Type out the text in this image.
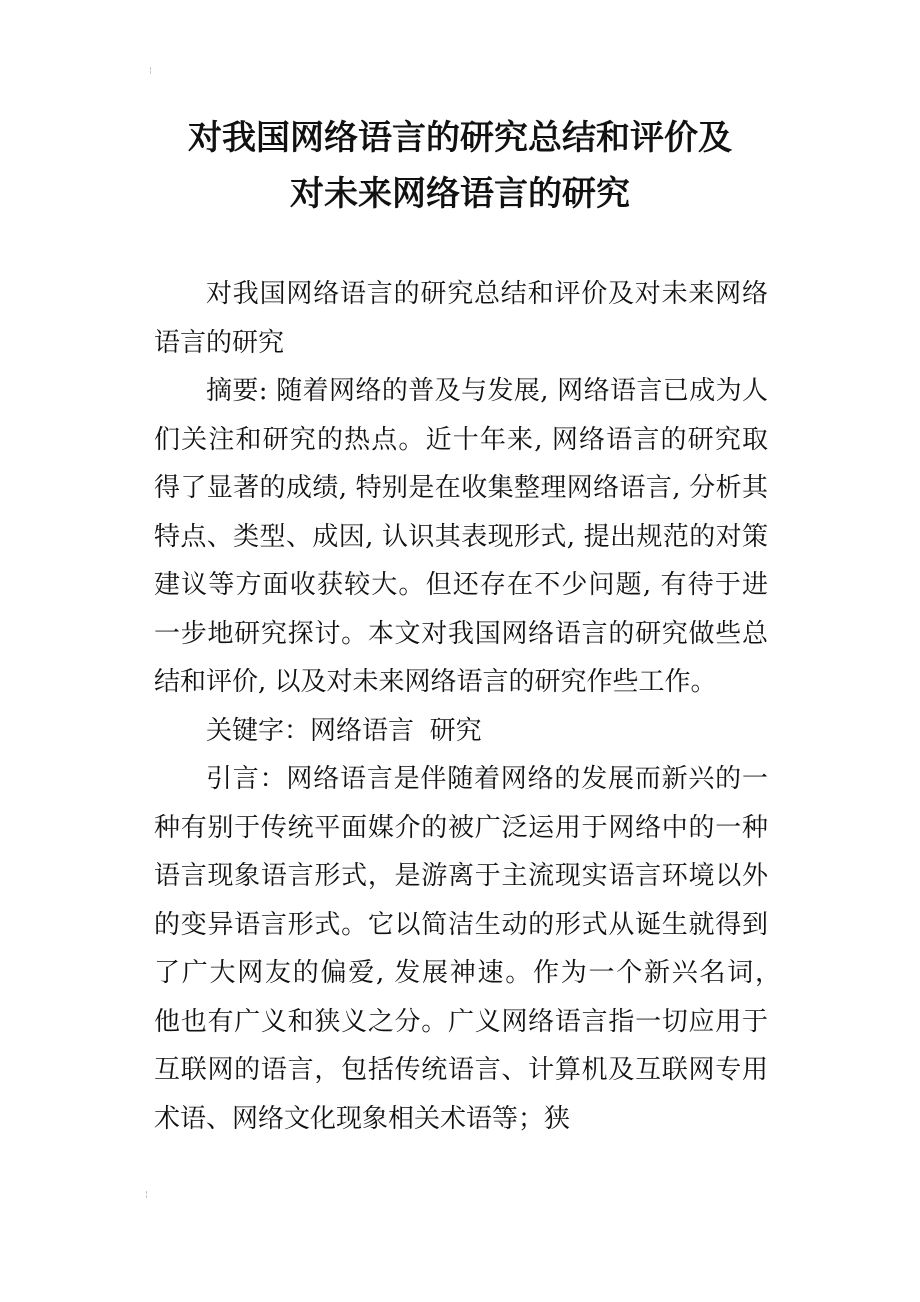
对我国网络语言的研究总结和评价及
对未来网络语言的研究

对我国网络语言的研究总结和评价及对未来网络语言的研究

摘要: 随着网络的普及与发展, 网络语言已成为人们关注和研究的热点。近十年来, 网络语言的研究取得了显著的成绩, 特别是在收集整理网络语言, 分析其特点、类型、成因, 认识其表现形式, 提出规范的对策建议等方面收获较大。但还存在不少问题, 有待于进一步地研究探讨。本文对我国网络语言的研究做些总结和评价, 以及对未来网络语言的研究作些工作。

关键字：网络语言 研究

引言：网络语言是伴随着网络的发展而新兴的一种有别于传统平面媒介的被广泛运用于网络中的一种语言现象语言形式，是游离于主流现实语言环境以外的变异语言形式。它以简洁生动的形式从诞生就得到了广大网友的偏爱, 发展神速。作为一个新兴名词，　他也有广义和狭义之分。广义网络语言指一切应用于互联网的语言，包括传统语言、计算机及互联网专用术语、网络文化现象相关术语等；狭
